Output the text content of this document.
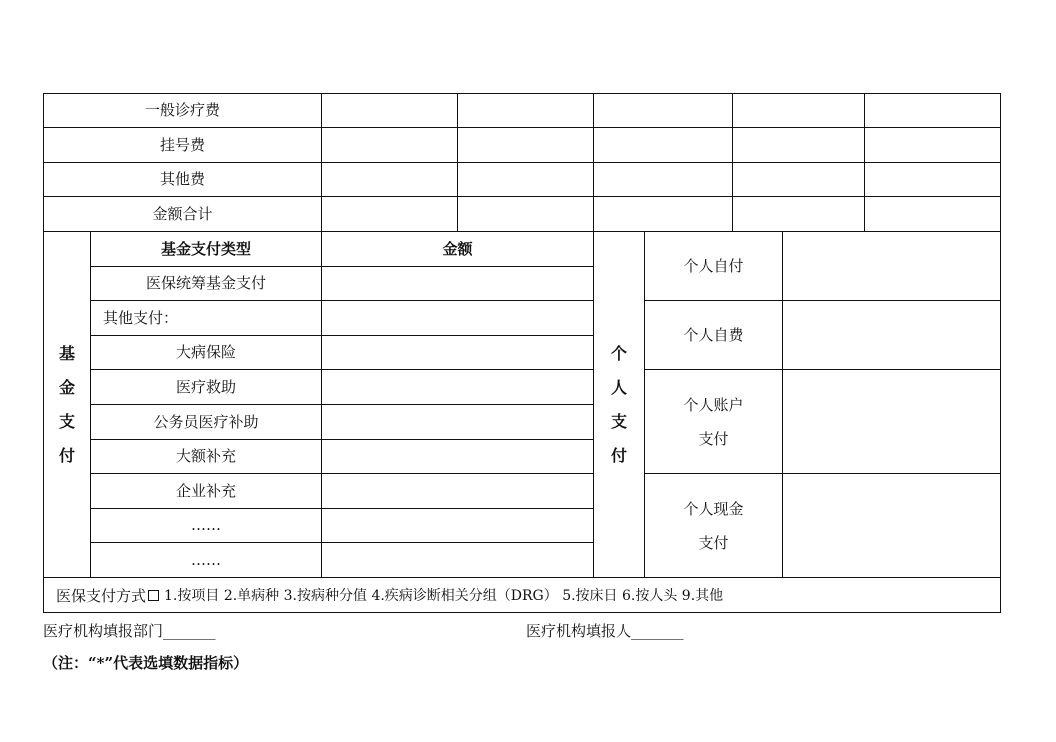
一般诊疗费
挂号费
其他费
金额合计
基
金
支
付
基金支付类型	金额
医保统筹基金支付
其他支付：
大病保险
医疗救助
公务员医疗补助
大额补充
企业补充
……
……
个
人
支
付
个人自付
个人自费
个人账户
支付
个人现金
支付
医保支付方式 1.按项目 2.单病种 3.按病种分值 4.疾病诊断相关分组（DRG） 5.按床日 6.按人头 9.其他
医疗机构填报部门_______	医疗机构填报人_______
（注：“*”代表选填数据指标）
